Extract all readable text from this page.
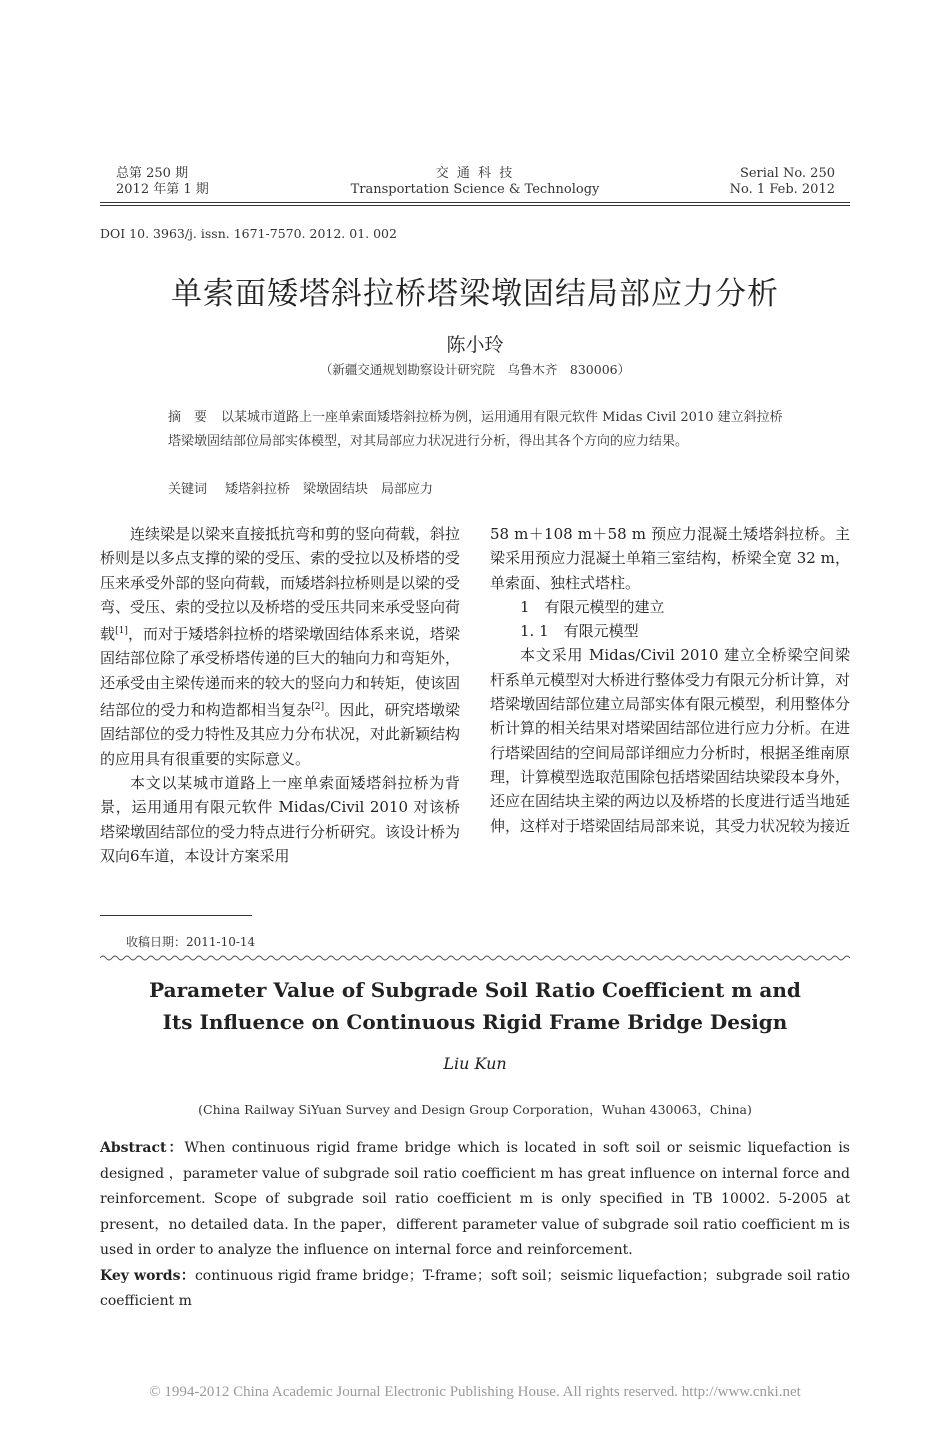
总第 250 期
2012 年第 1 期
交 通 科 技
Transportation Science & Technology
Serial No. 250
No. 1 Feb. 2012
DOI 10. 3963/j. issn. 1671-7570. 2012. 01. 002
单索面矮塔斜拉桥塔梁墩固结局部应力分析
陈小玲
（新疆交通规划勘察设计研究院　乌鲁木齐　830006）
摘　要 以某城市道路上一座单索面矮塔斜拉桥为例，运用通用有限元软件 Midas Civil 2010 建立斜拉桥塔梁墩固结部位局部实体模型，对其局部应力状况进行分析，得出其各个方向的应力结果。
关键词 矮塔斜拉桥　梁墩固结块　局部应力

连续梁是以梁来直接抵抗弯和剪的竖向荷载，斜拉桥则是以多点支撑的梁的受压、索的受拉以及桥塔的受压来承受外部的竖向荷载，而矮塔斜拉桥则是以梁的受弯、受压、索的受拉以及桥塔的受压共同来承受竖向荷载[1]，而对于矮塔斜拉桥的塔梁墩固结体系来说，塔梁固结部位除了承受桥塔传递的巨大的轴向力和弯矩外，还承受由主梁传递而来的较大的竖向力和转矩，使该固结部位的受力和构造都相当复杂[2]。因此，研究塔墩梁固结部位的受力特性及其应力分布状况，对此新颖结构的应用具有很重要的实际意义。

本文以某城市道路上一座单索面矮塔斜拉桥为背景，运用通用有限元软件 Midas/Civil 2010 对该桥塔梁墩固结部位的受力特点进行分析研究。该设计桥为双向6车道，本设计方案采用

58 m＋108 m＋58 m 预应力混凝土矮塔斜拉桥。主梁采用预应力混凝土单箱三室结构，桥梁全宽 32 m，单索面、独柱式塔柱。

1　有限元模型的建立

1. 1　有限元模型

本文采用 Midas/Civil 2010 建立全桥梁空间梁杆系单元模型对大桥进行整体受力有限元分析计算，对塔梁墩固结部位建立局部实体有限元模型，利用整体分析计算的相关结果对塔梁固结部位进行应力分析。在进行塔梁固结的空间局部详细应力分析时，根据圣维南原理，计算模型选取范围除包括塔梁固结块梁段本身外，还应在固结块主梁的两边以及桥塔的长度进行适当地延伸，这样对于塔梁固结局部来说，其受力状况较为接近

收稿日期：2011-10-14
Parameter Value of Subgrade Soil Ratio Coefficient m and
Its Influence on Continuous Rigid Frame Bridge Design
Liu Kun
(China Railway SiYuan Survey and Design Group Corporation，Wuhan 430063，China)
Abstract：When continuous rigid frame bridge which is located in soft soil or seismic liquefaction is designed ，parameter value of subgrade soil ratio coefficient m has great influence on internal force and reinforcement. Scope of subgrade soil ratio coefficient m is only specified in TB 10002. 5-2005 at present，no detailed data. In the paper，different parameter value of subgrade soil ratio coefficient m is used in order to analyze the influence on internal force and reinforcement.
Key words：continuous rigid frame bridge；T-frame；soft soil；seismic liquefaction；subgrade soil ratio coefficient m
© 1994-2012 China Academic Journal Electronic Publishing House. All rights reserved. http://www.cnki.net
